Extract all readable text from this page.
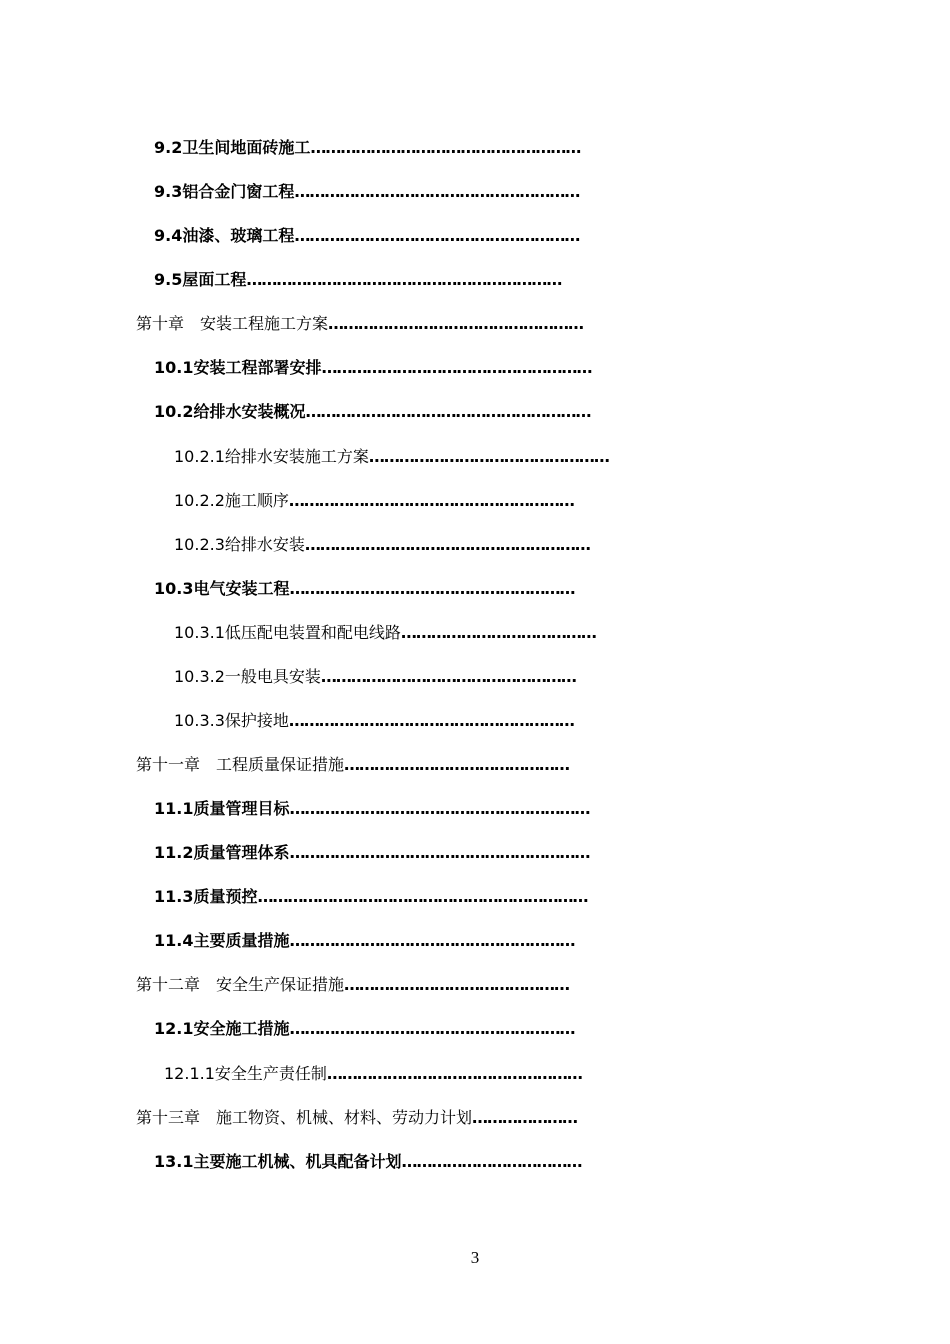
9.2卫生间地面砖施工………………………………………………
9.3铝合金门窗工程…………………………………………………
9.4油漆、玻璃工程…………………………………………………
9.5屋面工程………………………………………………………
第十章　安装工程施工方案……………………………………………
10.1安装工程部署安排………………………………………………
10.2给排水安装概况…………………………………………………
10.2.1给排水安装施工方案…………………………………………
10.2.2施工顺序…………………………………………………
10.2.3给排水安装…………………………………………………
10.3电气安装工程…………………………………………………
10.3.1低压配电装置和配电线路…………………………………
10.3.2一般电具安装……………………………………………
10.3.3保护接地…………………………………………………
第十一章　工程质量保证措施………………………………………
11.1质量管理目标……………………………………………………
11.2质量管理体系……………………………………………………
11.3质量预控…………………………………………………………
11.4主要质量措施…………………………………………………
第十二章　安全生产保证措施………………………………………
12.1安全施工措施…………………………………………………
12.1.1安全生产责任制……………………………………………
第十三章　施工物资、机械、材料、劳动力计划…………………
13.1主要施工机械、机具配备计划………………………………
3
